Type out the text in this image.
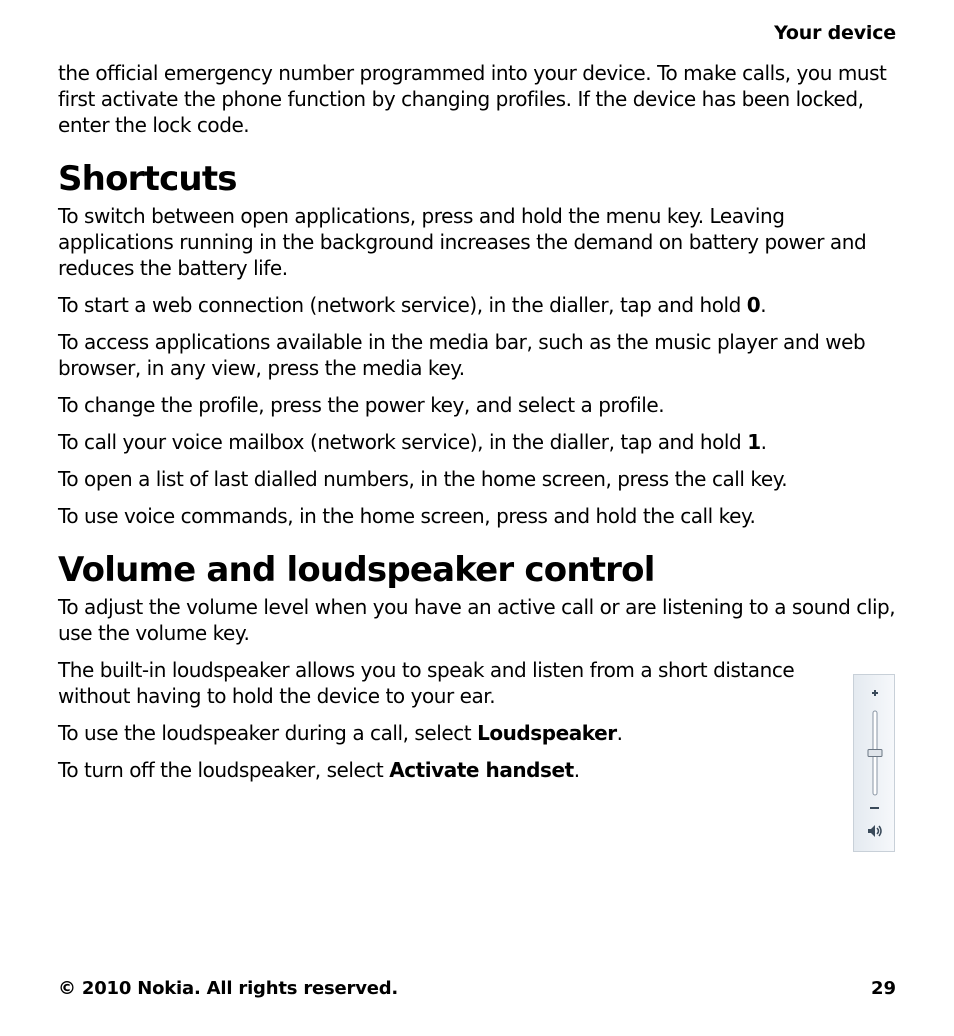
Your device

the official emergency number programmed into your device. To make calls, you must first activate the phone function by changing profiles. If the device has been locked, enter the lock code.

Shortcuts

To switch between open applications, press and hold the menu key. Leaving applications running in the background increases the demand on battery power and reduces the battery life.

To start a web connection (network service), in the dialler, tap and hold 0.

To access applications available in the media bar, such as the music player and web browser, in any view, press the media key.

To change the profile, press the power key, and select a profile.

To call your voice mailbox (network service), in the dialler, tap and hold 1.

To open a list of last dialled numbers, in the home screen, press the call key.

To use voice commands, in the home screen, press and hold the call key.

Volume and loudspeaker control

To adjust the volume level when you have an active call or are listening to a sound clip, use the volume key.

The built-in loudspeaker allows you to speak and listen from a short distance without having to hold the device to your ear.

To use the loudspeaker during a call, select Loudspeaker.

To turn off the loudspeaker, select Activate handset.

© 2010 Nokia. All rights reserved.	29
